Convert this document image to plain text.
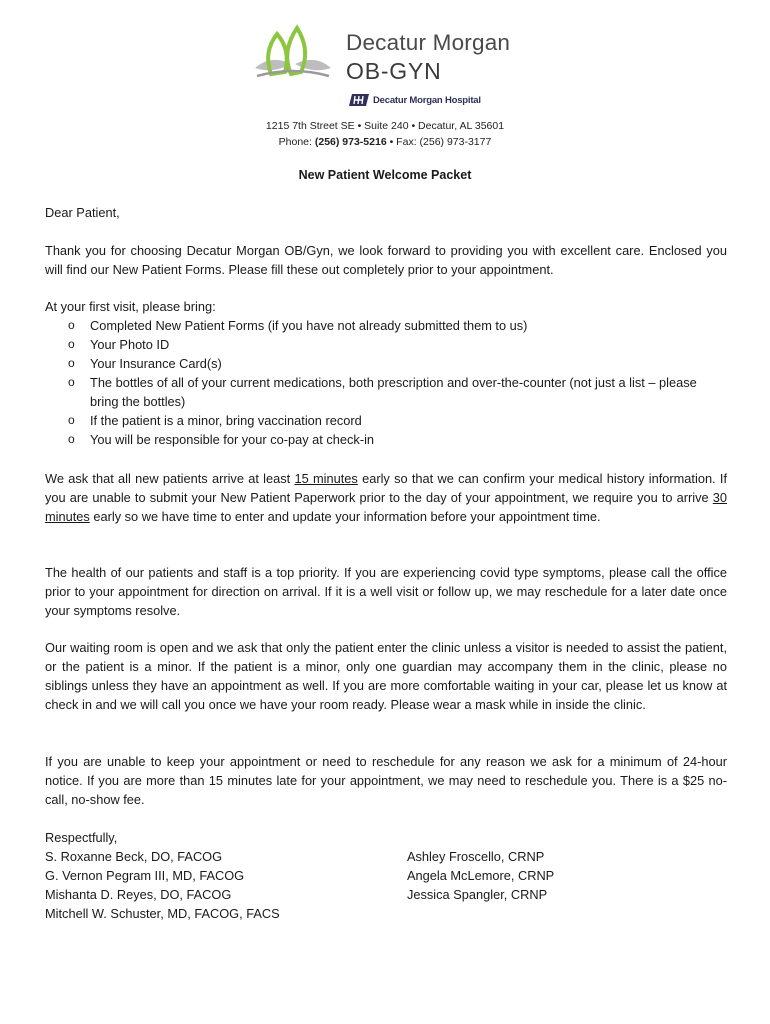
Decatur Morgan
OB-GYN
Decatur Morgan Hospital
1215 7th Street SE • Suite 240 • Decatur, AL 35601
Phone: (256) 973-5216 • Fax: (256) 973-3177
New Patient Welcome Packet
Dear Patient,
Thank you for choosing Decatur Morgan OB/Gyn, we look forward to providing you with excellent care. Enclosed you will find our New Patient Forms. Please fill these out completely prior to your appointment.
At your first visit, please bring:
o Completed New Patient Forms (if you have not already submitted them to us)
o Your Photo ID
o Your Insurance Card(s)
o The bottles of all of your current medications, both prescription and over-the-counter (not just a list – please bring the bottles)
o If the patient is a minor, bring vaccination record
o You will be responsible for your co-pay at check-in
We ask that all new patients arrive at least 15 minutes early so that we can confirm your medical history information. If you are unable to submit your New Patient Paperwork prior to the day of your appointment, we require you to arrive 30 minutes early so we have time to enter and update your information before your appointment time.
The health of our patients and staff is a top priority. If you are experiencing covid type symptoms, please call the office prior to your appointment for direction on arrival. If it is a well visit or follow up, we may reschedule for a later date once your symptoms resolve.
Our waiting room is open and we ask that only the patient enter the clinic unless a visitor is needed to assist the patient, or the patient is a minor. If the patient is a minor, only one guardian may accompany them in the clinic, please no siblings unless they have an appointment as well. If you are more comfortable waiting in your car, please let us know at check in and we will call you once we have your room ready. Please wear a mask while in inside the clinic.
If you are unable to keep your appointment or need to reschedule for any reason we ask for a minimum of 24-hour notice. If you are more than 15 minutes late for your appointment, we may need to reschedule you. There is a $25 no-call, no-show fee.
Respectfully,
S. Roxanne Beck, DO, FACOG
G. Vernon Pegram III, MD, FACOG
Mishanta D. Reyes, DO, FACOG
Mitchell W. Schuster, MD, FACOG, FACS
Ashley Froscello, CRNP
Angela McLemore, CRNP
Jessica Spangler, CRNP
